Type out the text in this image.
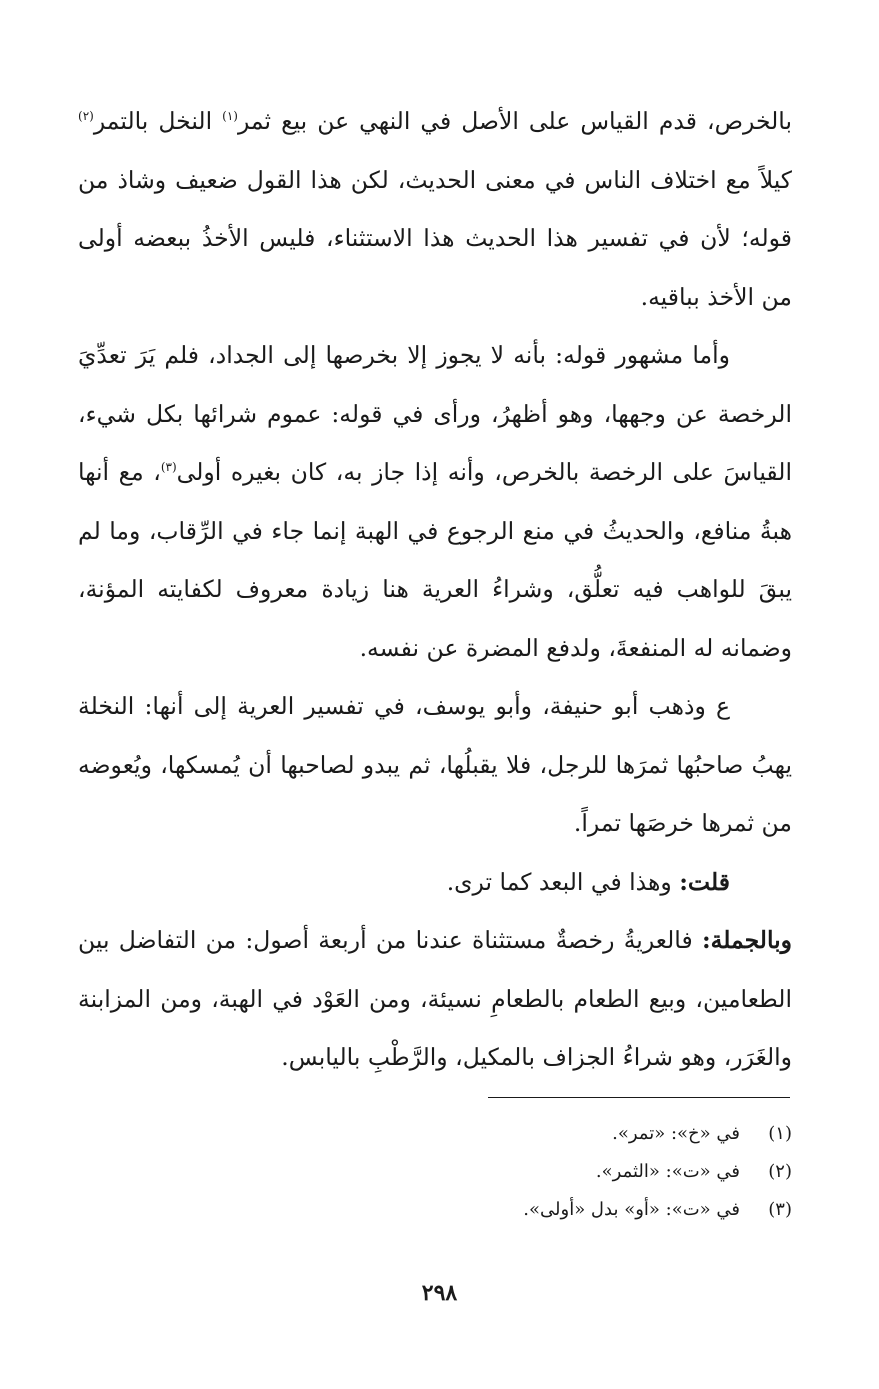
بالخرص، قدم القياس على الأصل في النهي عن بيع ثمر$^{(١)}$ النخل بالتمر$^{(٢)}$ كيلاً مع اختلاف الناس في معنى الحديث، لكن هذا القول ضعيف وشاذ من قوله؛ لأن في تفسير هذا الحديث هذا الاستثناء، فليس الأخذُ ببعضه أولى من الأخذ بباقيه.

وأما مشهور قوله: بأنه لا يجوز إلا بخرصها إلى الجداد، فلم يَرَ تعدِّيَ الرخصة عن وجهها، وهو أظهرُ، ورأى في قوله: عموم شرائها بكل شيء، القياسَ على الرخصة بالخرص، وأنه إذا جاز به، كان بغيره أولى$^{(٣)}$، مع أنها هبةُ منافع، والحديثُ في منع الرجوع في الهبة إنما جاء في الرِّقاب، وما لم يبقَ للواهب فيه تعلُّق، وشراءُ العرية هنا زيادة معروف لكفايته المؤنة، وضمانه له المنفعةَ، ولدفع المضرة عن نفسه.

ع وذهب أبو حنيفة، وأبو يوسف، في تفسير العرية إلى أنها: النخلة يهبُ صاحبُها ثمرَها للرجل، فلا يقبلُها، ثم يبدو لصاحبها أن يُمسكها، ويُعوضه من ثمرها خرصَها تمراً.

قلت: وهذا في البعد كما ترى.

وبالجملة: فالعريةُ رخصةٌ مستثناة عندنا من أربعة أصول: من التفاضل بين الطعامين، وبيع الطعام بالطعامِ نسيئة، ومن العَوْد في الهبة، ومن المزابنة والغَرَر، وهو شراءُ الجزاف بالمكيل، والرَّطْبِ باليابس.

(١)في «خ»: «تمر».
(٢)في «ت»: «الثمر».
(٣)في «ت»: «أو» بدل «أولى».
٢٩٨
